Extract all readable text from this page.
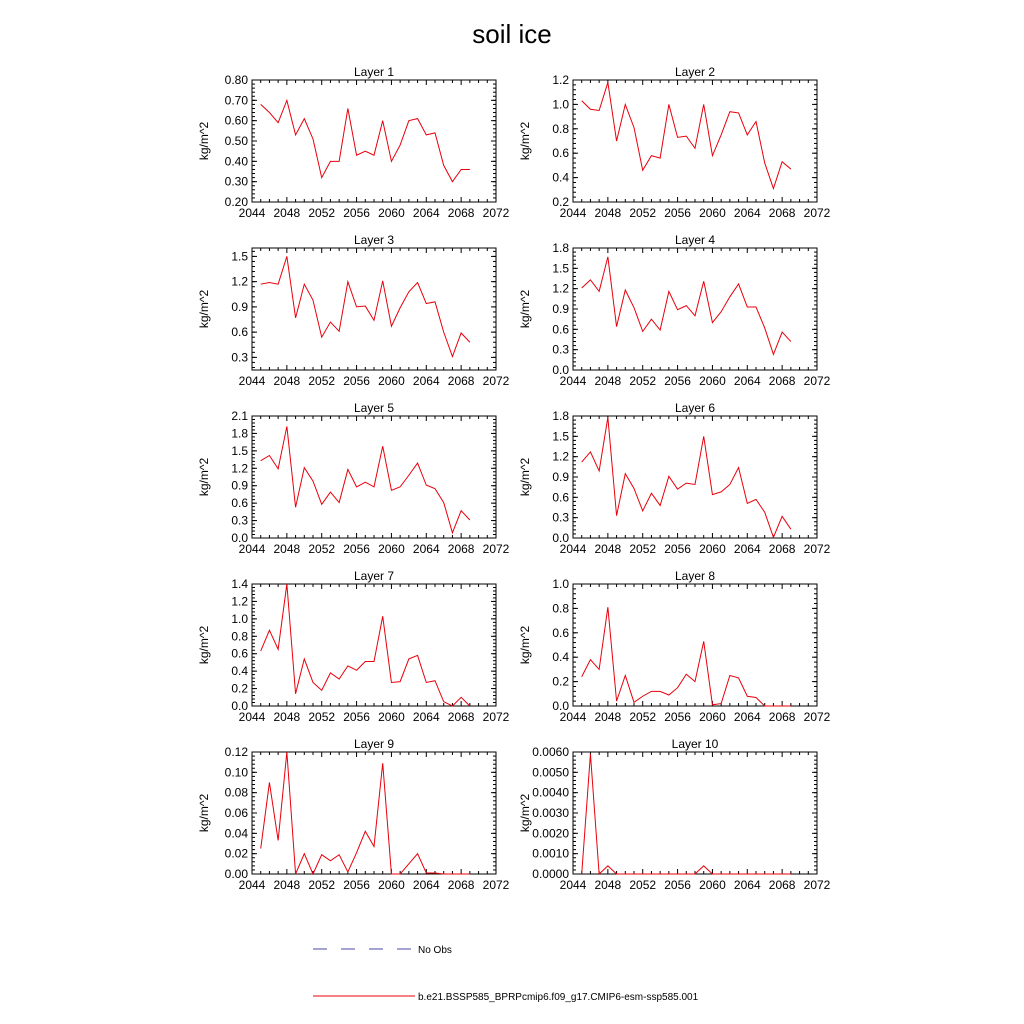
soil ice
Layer 1
kg/m^2
2044 2048 2052 2056 2060 2064 2068 2072
0.20
0.30
0.40
0.50
0.60
0.70
0.80
Layer 2
kg/m^2
2044 2048 2052 2056 2060 2064 2068 2072
0.2
0.4
0.6
0.8
1.0
1.2
Layer 3
kg/m^2
2044 2048 2052 2056 2060 2064 2068 2072
0.3
0.6
0.9
1.2
1.5
Layer 4
kg/m^2
2044 2048 2052 2056 2060 2064 2068 2072
0.0
0.3
0.6
0.9
1.2
1.5
1.8
Layer 5
kg/m^2
2044 2048 2052 2056 2060 2064 2068 2072
0.0
0.3
0.6
0.9
1.2
1.5
1.8
2.1
Layer 6
kg/m^2
2044 2048 2052 2056 2060 2064 2068 2072
0.0
0.3
0.6
0.9
1.2
1.5
1.8
Layer 7
kg/m^2
2044 2048 2052 2056 2060 2064 2068 2072
0.0
0.2
0.4
0.6
0.8
1.0
1.2
1.4
Layer 8
kg/m^2
2044 2048 2052 2056 2060 2064 2068 2072
0.0
0.2
0.4
0.6
0.8
1.0
Layer 9
kg/m^2
2044 2048 2052 2056 2060 2064 2068 2072
0.00
0.02
0.04
0.06
0.08
0.10
0.12
Layer 10
kg/m^2
2044 2048 2052 2056 2060 2064 2068 2072
0.0000
0.0010
0.0020
0.0030
0.0040
0.0050
0.0060
No Obs
b.e21.BSSP585_BPRPcmip6.f09_g17.CMIP6-esm-ssp585.001
